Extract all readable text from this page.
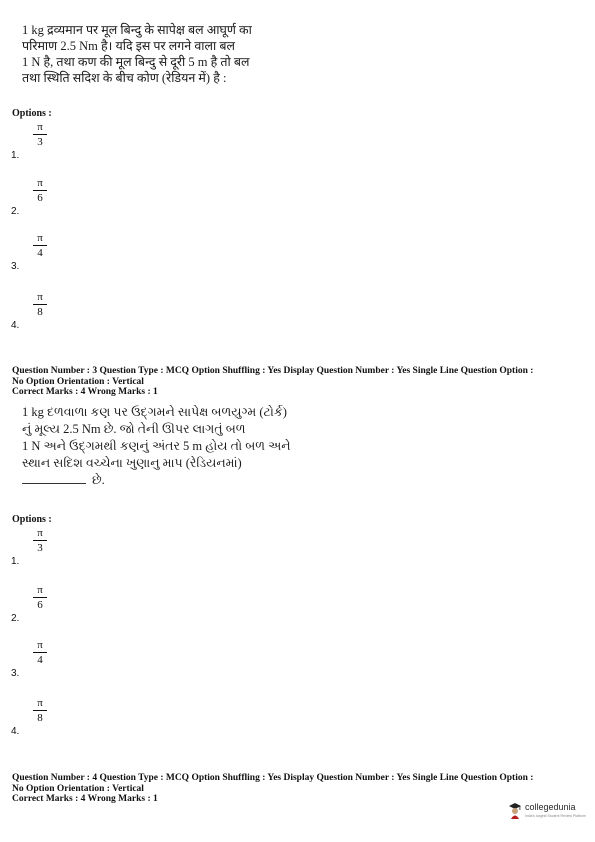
1 kg द्रव्यमान पर मूल बिन्दु के सापेक्ष बल आघूर्ण का
परिमाण 2.5 Nm है। यदि इस पर लगने वाला बल
1 N है, तथा कण की मूल बिन्दु से दूरी 5 m है तो बल
तथा स्थिति सदिश के बीच कोण (रेडियन में) है :
Options :
π
3
1.
π
6
2.
π
4
3.
π
8
4.
Question Number : 3 Question Type : MCQ Option Shuffling : Yes Display Question Number : Yes Single Line Question Option :
No Option Orientation : Vertical
Correct Marks : 4 Wrong Marks : 1
1 kg દળવાળા કણ પર ઉદ્ગમને સાપેક્ષ બળયુગ્મ (ટોર્ક)
નું મૂલ્ય 2.5 Nm છે. જો તેની ઊપર લાગતું બળ
1 N અને ઉદ્ગમથી કણનું અંતર 5 m હોય તો બળ અને
સ્થાન સદિશ વચ્ચેના ખુણાનુ માપ (રેડિયનમાં)
છે.
Options :
π
3
1.
π
6
2.
π
4
3.
π
8
4.
Question Number : 4 Question Type : MCQ Option Shuffling : Yes Display Question Number : Yes Single Line Question Option :
No Option Orientation : Vertical
Correct Marks : 4 Wrong Marks : 1
collegedunia
India's largest Student Review Platform
